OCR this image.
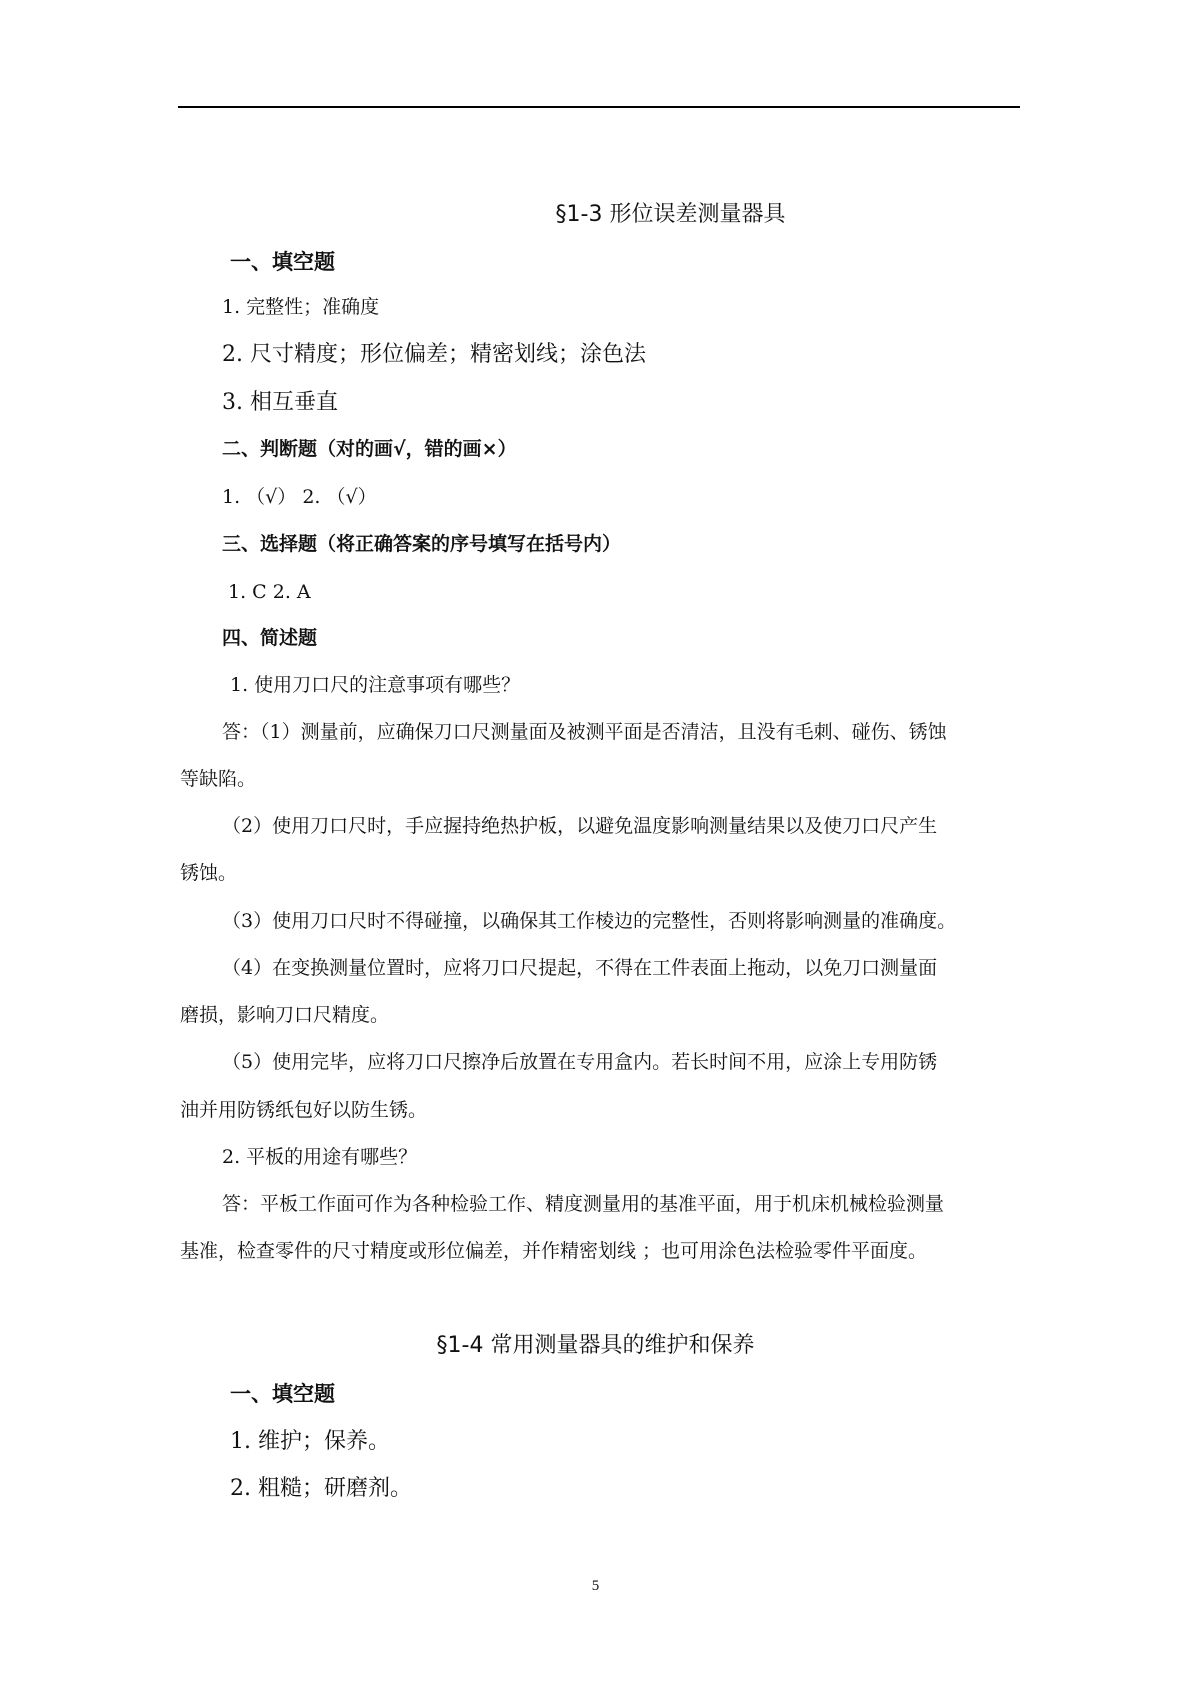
§1-3 形位误差测量器具
一、填空题
1. 完整性；准确度
2. 尺寸精度；形位偏差；精密划线；涂色法
3. 相互垂直
二、判断题（对的画√，错的画×）
1. （√） 2. （√）
三、选择题（将正确答案的序号填写在括号内）
1. C 2. A
四、简述题
1. 使用刀口尺的注意事项有哪些？
答：（1）测量前，应确保刀口尺测量面及被测平面是否清洁，且没有毛刺、碰伤、锈蚀
等缺陷。
（2）使用刀口尺时，手应握持绝热护板，以避免温度影响测量结果以及使刀口尺产生
锈蚀。
（3）使用刀口尺时不得碰撞，以确保其工作棱边的完整性，否则将影响测量的准确度。
（4）在变换测量位置时，应将刀口尺提起，不得在工件表面上拖动，以免刀口测量面
磨损，影响刀口尺精度。
（5）使用完毕，应将刀口尺擦净后放置在专用盒内。若长时间不用，应涂上专用防锈
油并用防锈纸包好以防生锈。
2. 平板的用途有哪些？
答：平板工作面可作为各种检验工作、精度测量用的基准平面，用于机床机械检验测量
基准，检查零件的尺寸精度或形位偏差，并作精密划线 ；也可用涂色法检验零件平面度。
§1-4 常用测量器具的维护和保养
一、填空题
1. 维护；保养。
2. 粗糙；研磨剂。
5
